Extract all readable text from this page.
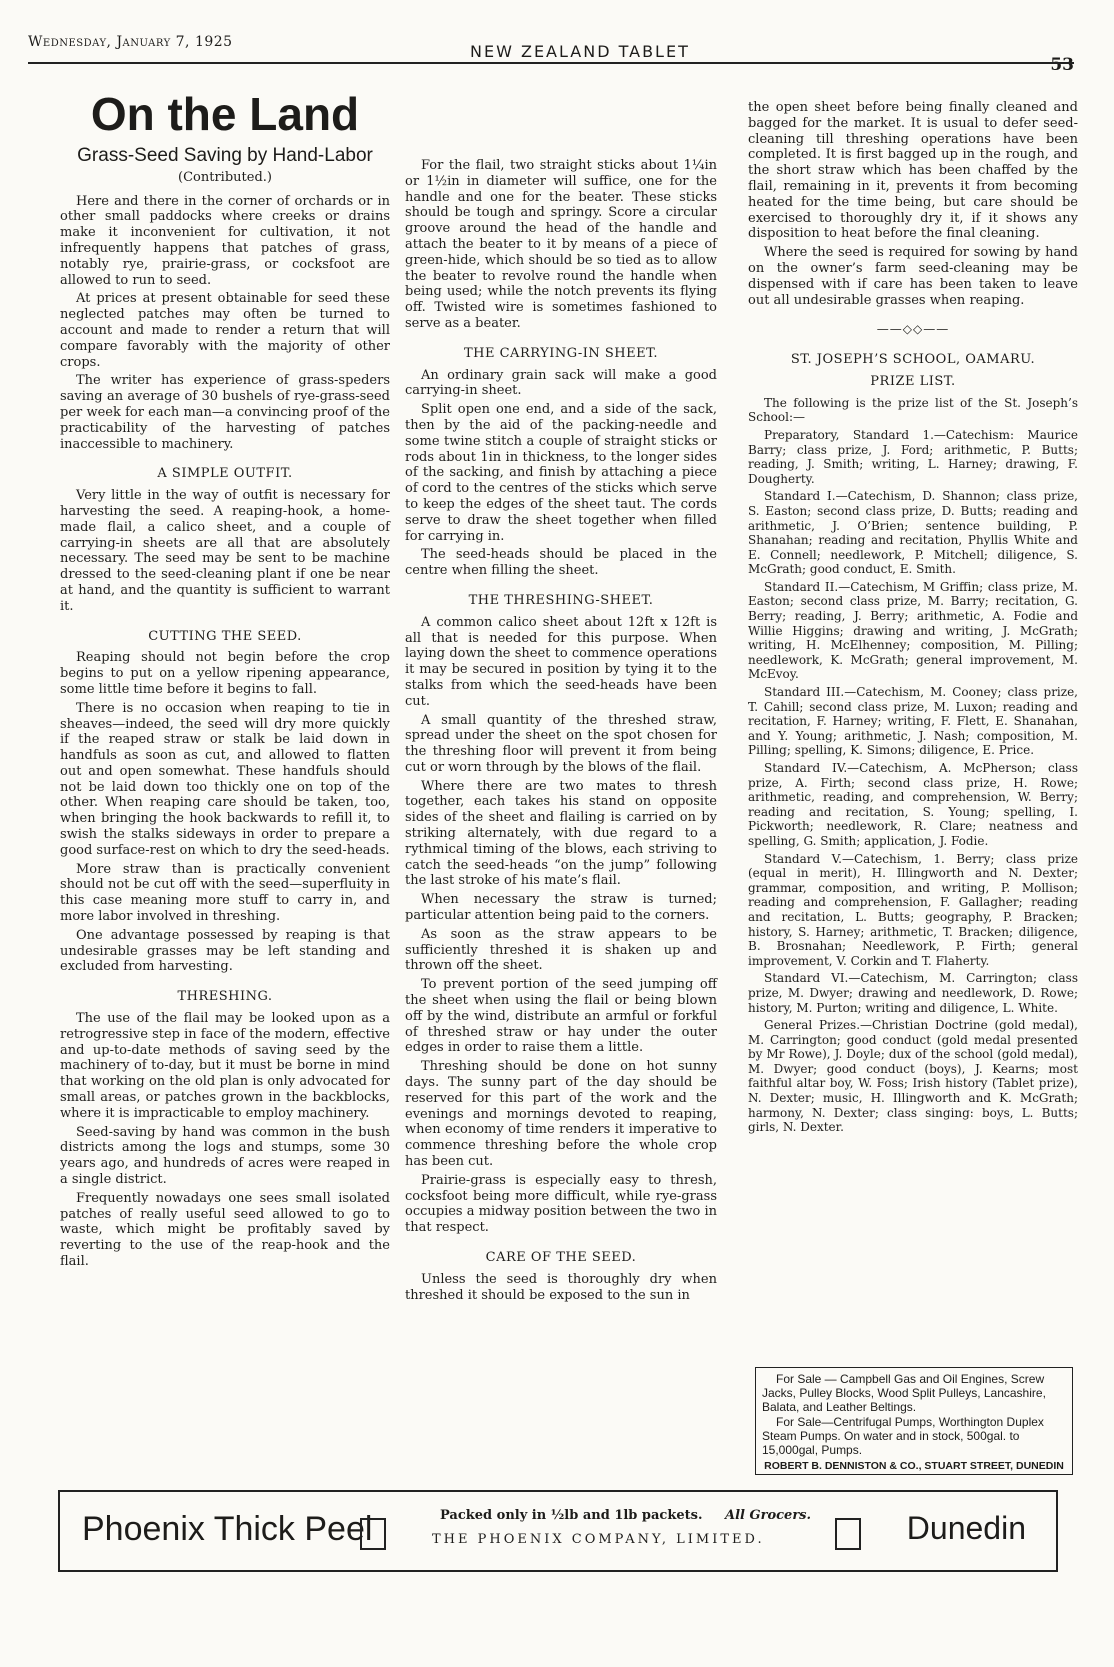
Wednesday, January 7, 1925	NEW ZEALAND TABLET
53
On the Land
Grass-Seed Saving by Hand-Labor
(Contributed.)

Here and there in the corner of orchards or in other small paddocks where creeks or drains make it inconvenient for cultivation, it not infrequently happens that patches of grass, notably rye, prairie-grass, or cocksfoot are allowed to run to seed.

At prices at present obtainable for seed these neglected patches may often be turned to account and made to render a return that will compare favorably with the majority of other crops.

The writer has experience of grass-speders saving an average of 30 bushels of rye-grass-seed per week for each man—a convincing proof of the practicability of the harvesting of patches inaccessible to machinery.

A SIMPLE OUTFIT.

Very little in the way of outfit is necessary for harvesting the seed. A reaping-hook, a home-made flail, a calico sheet, and a couple of carrying-in sheets are all that are absolutely necessary. The seed may be sent to be machine dressed to the seed-cleaning plant if one be near at hand, and the quantity is sufficient to warrant it.

CUTTING THE SEED.

Reaping should not begin before the crop begins to put on a yellow ripening appearance, some little time before it begins to fall.

There is no occasion when reaping to tie in sheaves—indeed, the seed will dry more quickly if the reaped straw or stalk be laid down in handfuls as soon as cut, and allowed to flatten out and open somewhat. These handfuls should not be laid down too thickly one on top of the other. When reaping care should be taken, too, when bringing the hook backwards to refill it, to swish the stalks sideways in order to prepare a good surface-rest on which to dry the seed-heads.

More straw than is practically convenient should not be cut off with the seed—superfluity in this case meaning more stuff to carry in, and more labor involved in threshing.

One advantage possessed by reaping is that undesirable grasses may be left standing and excluded from harvesting.

THRESHING.

The use of the flail may be looked upon as a retrogressive step in face of the modern, effective and up-to-date methods of saving seed by the machinery of to-day, but it must be borne in mind that working on the old plan is only advocated for small areas, or patches grown in the backblocks, where it is impracticable to employ machinery.

Seed-saving by hand was common in the bush districts among the logs and stumps, some 30 years ago, and hundreds of acres were reaped in a single district.

Frequently nowadays one sees small isolated patches of really useful seed allowed to go to waste, which might be profitably saved by reverting to the use of the reap-hook and the flail.

For the flail, two straight sticks about 1¼in or 1½in in diameter will suffice, one for the handle and one for the beater. These sticks should be tough and springy. Score a circular groove around the head of the handle and attach the beater to it by means of a piece of green-hide, which should be so tied as to allow the beater to revolve round the handle when being used; while the notch prevents its flying off. Twisted wire is sometimes fashioned to serve as a beater.

THE CARRYING-IN SHEET.

An ordinary grain sack will make a good carrying-in sheet.

Split open one end, and a side of the sack, then by the aid of the packing-needle and some twine stitch a couple of straight sticks or rods about 1in in thickness, to the longer sides of the sacking, and finish by attaching a piece of cord to the centres of the sticks which serve to keep the edges of the sheet taut. The cords serve to draw the sheet together when filled for carrying in.

The seed-heads should be placed in the centre when filling the sheet.

THE THRESHING-SHEET.

A common calico sheet about 12ft x 12ft is all that is needed for this purpose. When laying down the sheet to commence operations it may be secured in position by tying it to the stalks from which the seed-heads have been cut.

A small quantity of the threshed straw, spread under the sheet on the spot chosen for the threshing floor will prevent it from being cut or worn through by the blows of the flail.

Where there are two mates to thresh together, each takes his stand on opposite sides of the sheet and flailing is carried on by striking alternately, with due regard to a rythmical timing of the blows, each striving to catch the seed-heads “on the jump” following the last stroke of his mate’s flail.

When necessary the straw is turned; particular attention being paid to the corners.

As soon as the straw appears to be sufficiently threshed it is shaken up and thrown off the sheet.

To prevent portion of the seed jumping off the sheet when using the flail or being blown off by the wind, distribute an armful or forkful of threshed straw or hay under the outer edges in order to raise them a little.

Threshing should be done on hot sunny days. The sunny part of the day should be reserved for this part of the work and the evenings and mornings devoted to reaping, when economy of time renders it imperative to commence threshing before the whole crop has been cut.

Prairie-grass is especially easy to thresh, cocksfoot being more difficult, while rye-grass occupies a midway position between the two in that respect.

CARE OF THE SEED.

Unless the seed is thoroughly dry when threshed it should be exposed to the sun in

the open sheet before being finally cleaned and bagged for the market. It is usual to defer seed-cleaning till threshing operations have been completed. It is first bagged up in the rough, and the short straw which has been chaffed by the flail, remaining in it, prevents it from becoming heated for the time being, but care should be exercised to thoroughly dry it, if it shows any disposition to heat before the final cleaning.

Where the seed is required for sowing by hand on the owner’s farm seed-cleaning may be dispensed with if care has been taken to leave out all undesirable grasses when reaping.

——◇◇——
ST. JOSEPH’S SCHOOL, OAMARU.
PRIZE LIST.

The following is the prize list of the St. Joseph’s School:—

Preparatory, Standard 1.—Catechism: Maurice Barry; class prize, J. Ford; arithmetic, P. Butts; reading, J. Smith; writing, L. Harney; drawing, F. Dougherty.

Standard I.—Catechism, D. Shannon; class prize, S. Easton; second class prize, D. Butts; reading and arithmetic, J. O’Brien; sentence building, P. Shanahan; reading and recitation, Phyllis White and E. Connell; needlework, P. Mitchell; diligence, S. McGrath; good conduct, E. Smith.

Standard II.—Catechism, M Griffin; class prize, M. Easton; second class prize, M. Barry; recitation, G. Berry; reading, J. Berry; arithmetic, A. Fodie and Willie Higgins; drawing and writing, J. McGrath; writing, H. McElhenney; composition, M. Pilling; needlework, K. McGrath; general improvement, M. McEvoy.

Standard III.—Catechism, M. Cooney; class prize, T. Cahill; second class prize, M. Luxon; reading and recitation, F. Harney; writing, F. Flett, E. Shanahan, and Y. Young; arithmetic, J. Nash; composition, M. Pilling; spelling, K. Simons; diligence, E. Price.

Standard IV.—Catechism, A. McPherson; class prize, A. Firth; second class prize, H. Rowe; arithmetic, reading, and comprehension, W. Berry; reading and recitation, S. Young; spelling, I. Pickworth; needlework, R. Clare; neatness and spelling, G. Smith; application, J. Fodie.

Standard V.—Catechism, 1. Berry; class prize (equal in merit), H. Illingworth and N. Dexter; grammar, composition, and writing, P. Mollison; reading and comprehension, F. Gallagher; reading and recitation, L. Butts; geography, P. Bracken; history, S. Harney; arithmetic, T. Bracken; diligence, B. Brosnahan; Needlework, P. Firth; general improvement, V. Corkin and T. Flaherty.

Standard VI.—Catechism, M. Carrington; class prize, M. Dwyer; drawing and needlework, D. Rowe; history, M. Purton; writing and diligence, L. White.

General Prizes.—Christian Doctrine (gold medal), M. Carrington; good conduct (gold medal presented by Mr Rowe), J. Doyle; dux of the school (gold medal), M. Dwyer; good conduct (boys), J. Kearns; most faithful altar boy, W. Foss; Irish history (Tablet prize), N. Dexter; music, H. Illingworth and K. McGrath; harmony, N. Dexter; class singing: boys, L. Butts; girls, N. Dexter.

For Sale — Campbell Gas and Oil Engines, Screw Jacks, Pulley Blocks, Wood Split Pulleys, Lancashire, Balata, and Leather Beltings.

For Sale—Centrifugal Pumps, Worthington Duplex Steam Pumps. On water and in stock, 500gal. to 15,000gal, Pumps.

ROBERT B. DENNISTON & CO., STUART STREET, DUNEDIN

Phoenix Thick Peel	Packed only in ½lb and 1lb packets. All Grocers.
THE PHOENIX COMPANY, LIMITED.	Dunedin
